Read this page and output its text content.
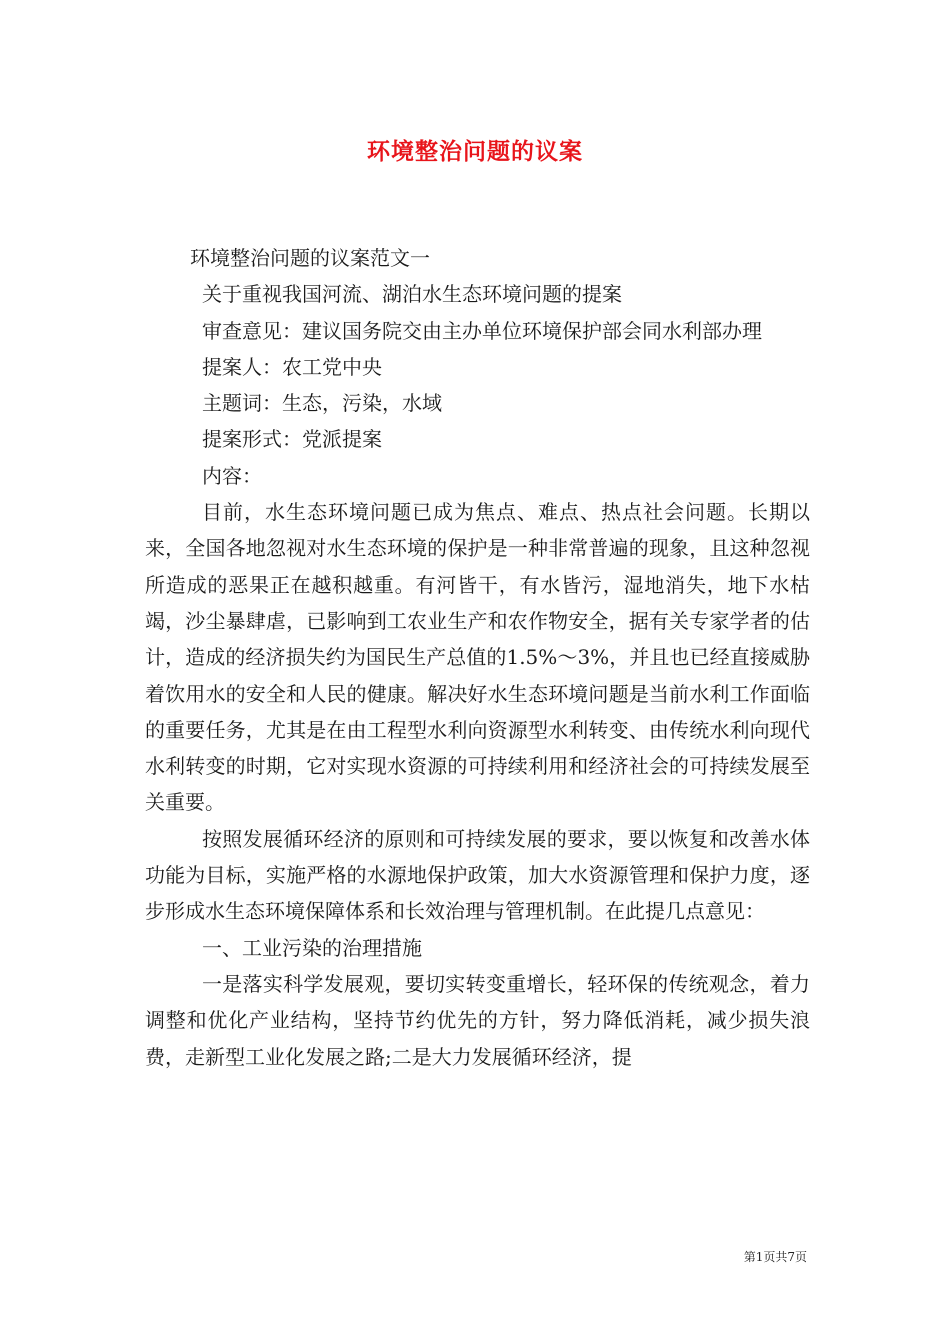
环境整治问题的议案

环境整治问题的议案范文一

关于重视我国河流、湖泊水生态环境问题的提案

审查意见：建议国务院交由主办单位环境保护部会同水利部办理

提案人：农工党中央

主题词：生态，污染，水域

提案形式：党派提案

内容：

目前，水生态环境问题已成为焦点、难点、热点社会问题。长期以来，全国各地忽视对水生态环境的保护是一种非常普遍的现象，且这种忽视所造成的恶果正在越积越重。有河皆干，有水皆污，湿地消失，地下水枯竭，沙尘暴肆虐，已影响到工农业生产和农作物安全，据有关专家学者的估计，造成的经济损失约为国民生产总值的1.5%～3%，并且也已经直接威胁着饮用水的安全和人民的健康。解决好水生态环境问题是当前水利工作面临的重要任务，尤其是在由工程型水利向资源型水利转变、由传统水利向现代水利转变的时期，它对实现水资源的可持续利用和经济社会的可持续发展至关重要。

按照发展循环经济的原则和可持续发展的要求，要以恢复和改善水体功能为目标，实施严格的水源地保护政策，加大水资源管理和保护力度，逐步形成水生态环境保障体系和长效治理与管理机制。在此提几点意见：

一、工业污染的治理措施

一是落实科学发展观，要切实转变重增长，轻环保的传统观念，着力调整和优化产业结构，坚持节约优先的方针，努力降低消耗，减少损失浪费，走新型工业化发展之路;二是大力发展循环经济，提

第1页共7页
